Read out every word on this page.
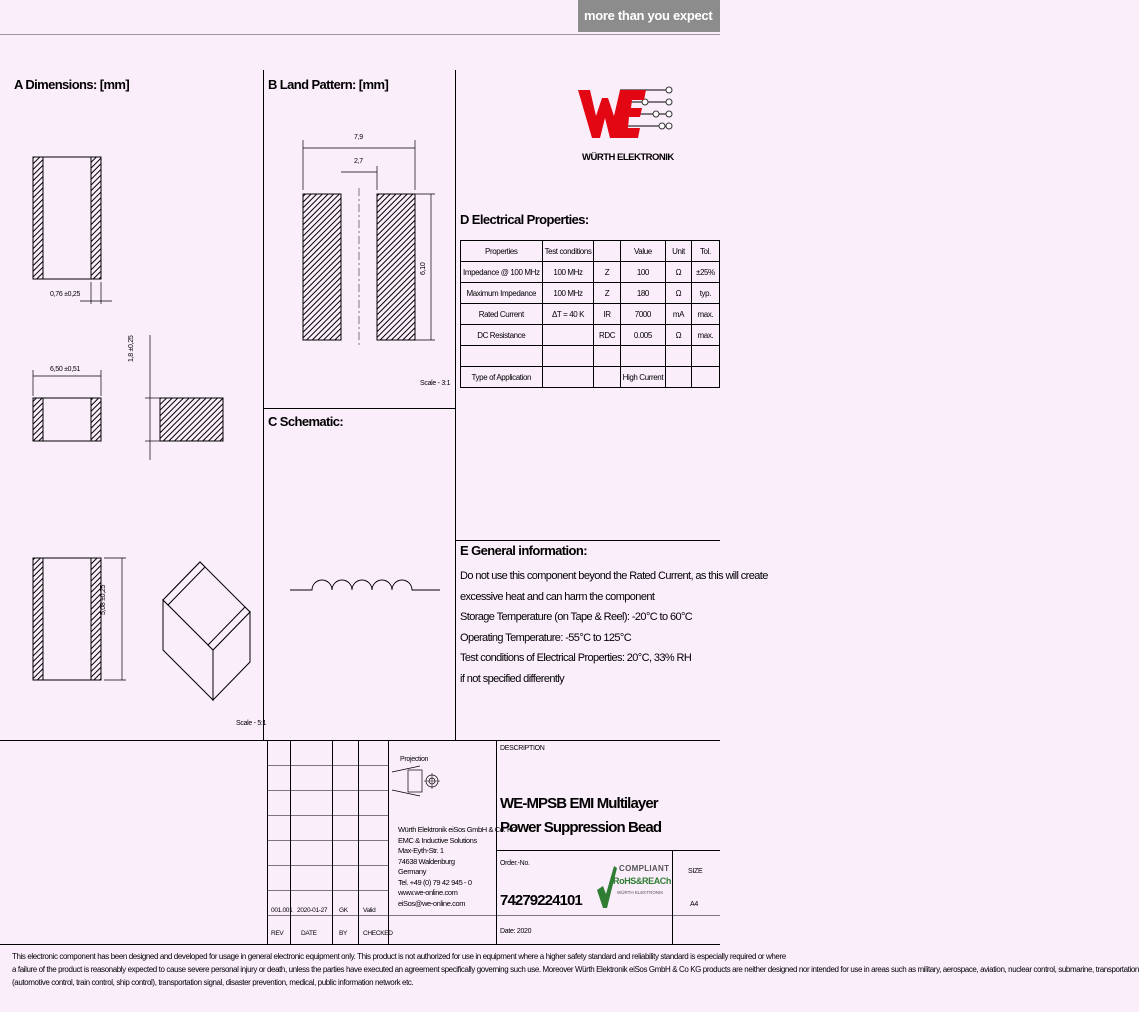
more than you expect
A Dimensions: [mm]	B Land Pattern: [mm]
C Schematic:
D Electrical Properties:
E General information:
WÜRTH ELEKTRONIK
0,76 ±0,25
6,50 ±0,51
1,8 ±0,25
5,08 ±0,25
Scale - 5:1
7,9
2,7
6,10
Scale - 3:1
Properties	Test conditions		Value	Unit	Tol.
Impedance @ 100 MHz	100 MHz	Z	100	Ω	±25%
Maximum Impedance	100 MHz	Z	180	Ω	typ.
Rated Current	ΔT = 40 K	IR	7000	mA	max.
DC Resistance		RDC	0.005	Ω	max.

Type of Application			High Current		

Do not use this component beyond the Rated Current, as this will create

excessive heat and can harm the component

Storage Temperature (on Tape & Reel): -20°C to 60°C

Operating Temperature: -55°C to 125°C

Test conditions of Electrical Properties: 20°C, 33% RH

if not specified differently

Projection
Würth Elektronik eiSos GmbH & Co. KG
EMC & Inductive Solutions
Max-Eyth-Str. 1
74638 Waldenburg
Germany
Tel. +49 (0) 79 42 945 - 0
www.we-online.com
eiSos@we-online.com
DESCRIPTION
WE-MPSB EMI Multilayer Power Suppression Bead
Order.-No.
74279224101
Date: 2020
SIZE
A4
COMPLIANT
RoHS&REACh
WÜRTH ELEKTRONIK
001.001 2020-01-27 GK Valid
REV	DATE	BY CHECKED

This electronic component has been designed and developed for usage in general electronic equipment only. This product is not authorized for use in equipment where a higher safety standard and reliability standard is especially required or where

a failure of the product is reasonably expected to cause severe personal injury or death, unless the parties have executed an agreement specifically governing such use. Moreover Würth Elektronik eiSos GmbH & Co KG products are neither designed nor intended for use in areas such as military, aerospace, aviation, nuclear control, submarine, transportation

(automotive control, train control, ship control), transportation signal, disaster prevention, medical, public information network etc.
